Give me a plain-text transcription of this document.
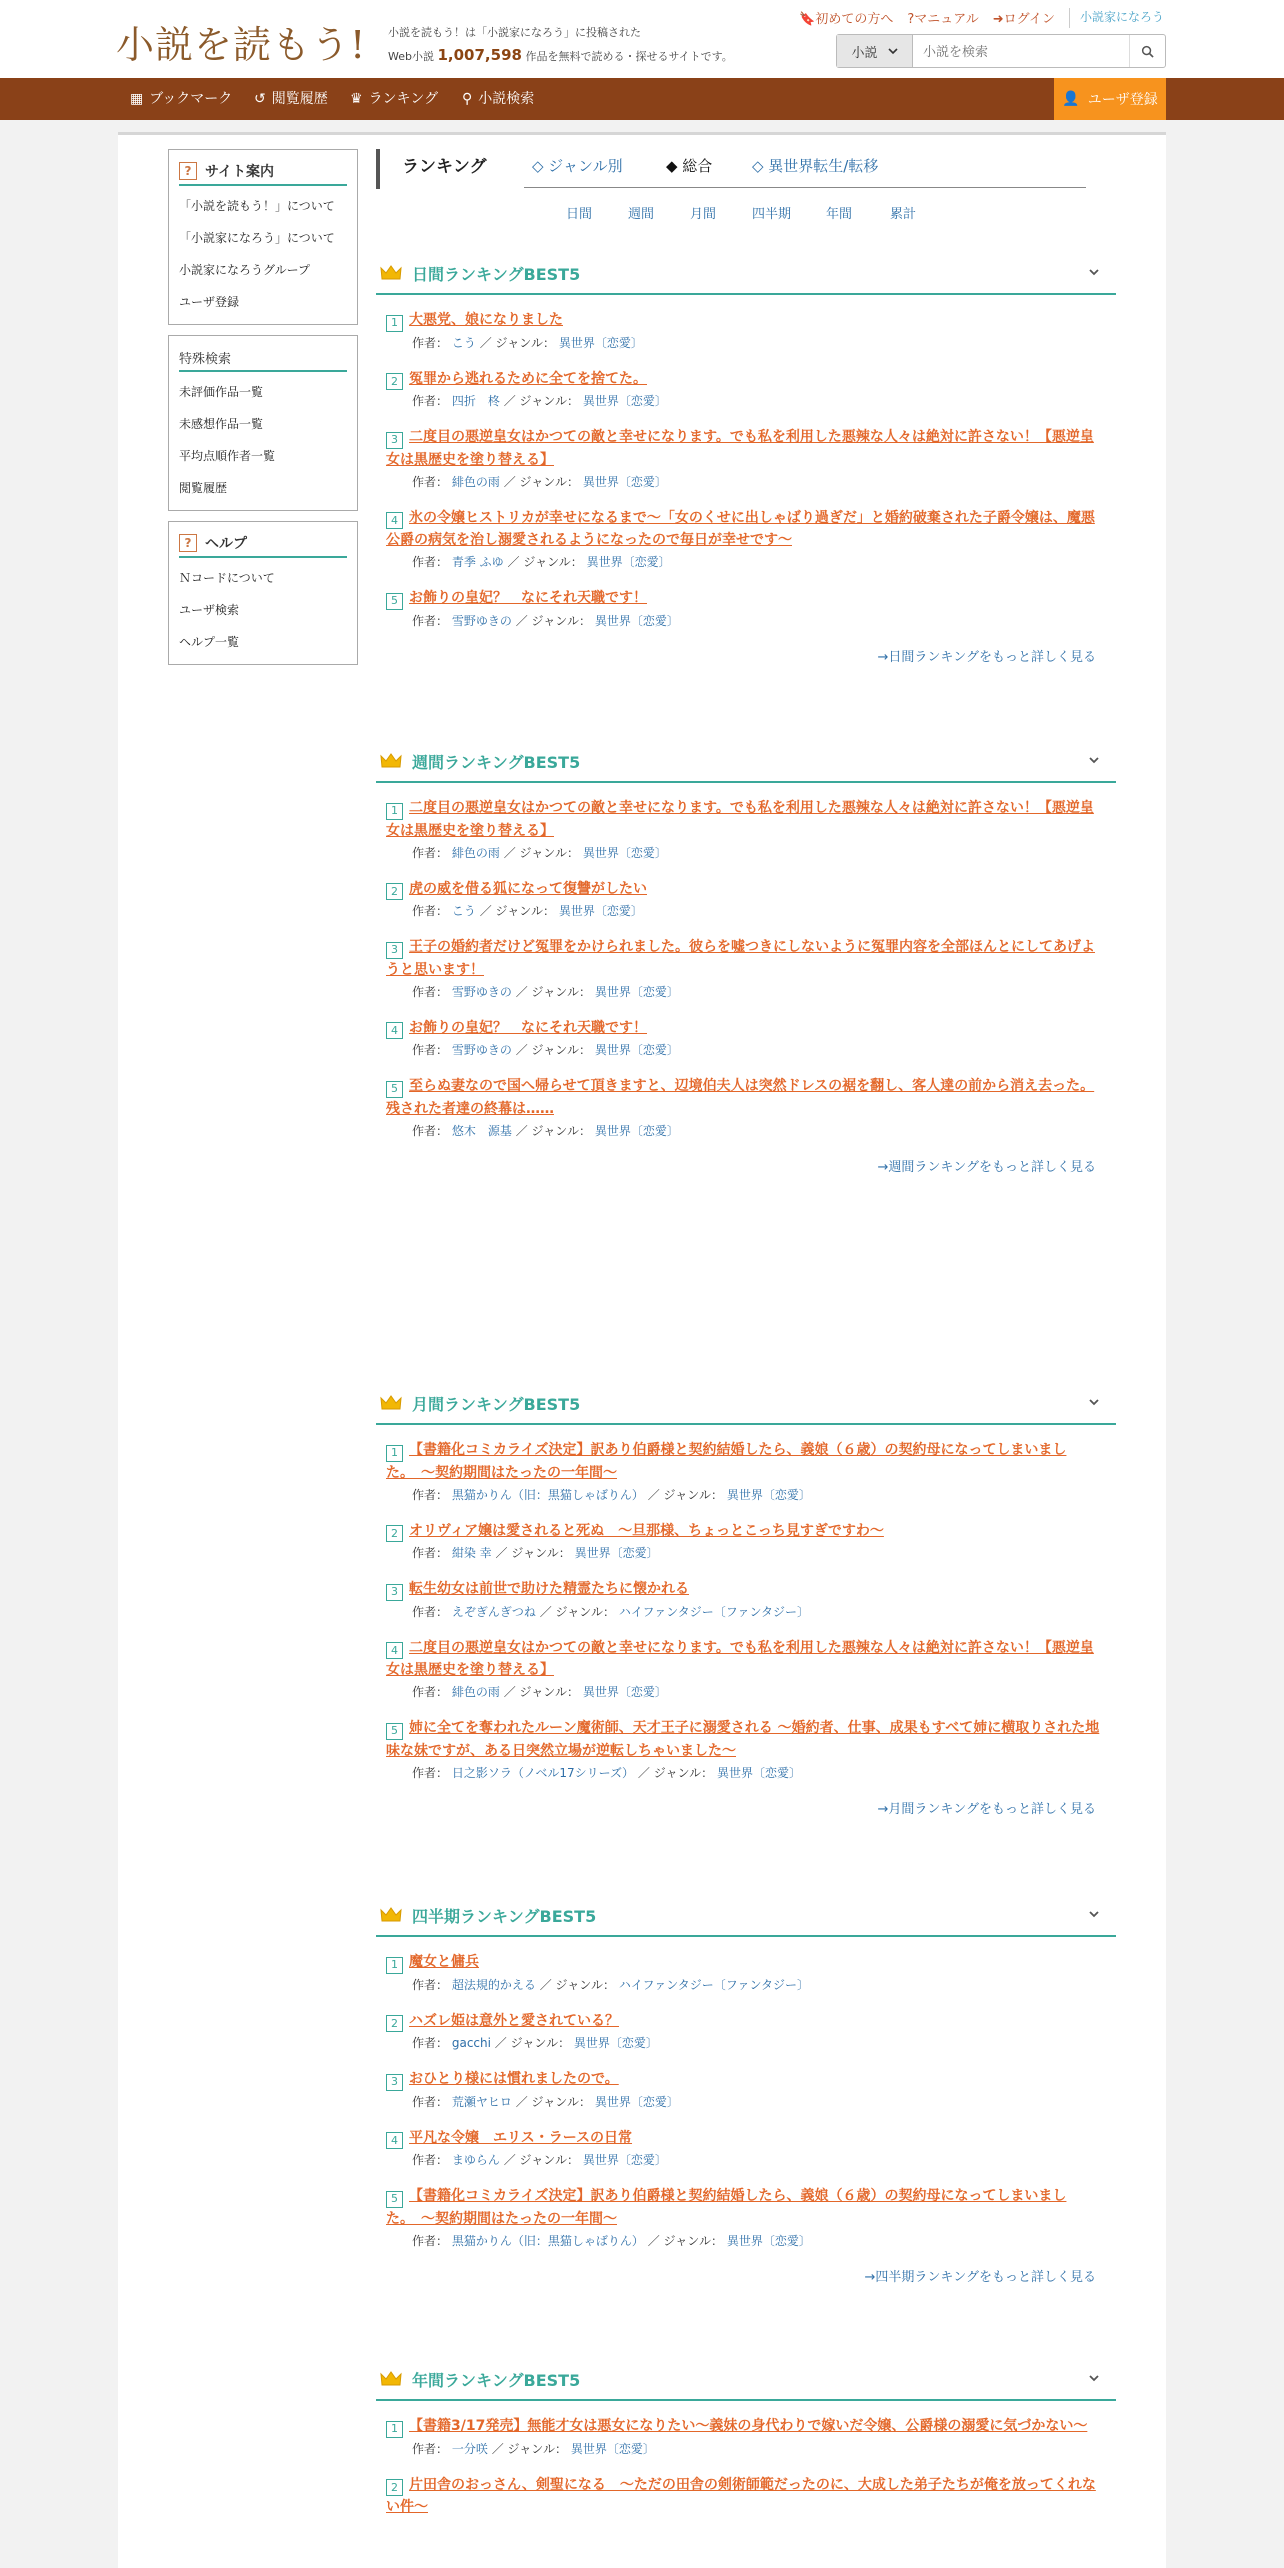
小説を読もう!	小説を読もう！は「小説家になろう」に投稿された
Web小説 1,007,598 作品を無料で読める・探せるサイトです。
🔖初めての方へ ?マニュアル ➜ログイン	小説家になろう
小説
小説を検索
▦ ブックマーク ↺ 閲覧履歴 ♛ ランキング ⚲ 小説検索	👤 ユーザ登録
? サイト案内
「小説を読もう！」について
「小説家になろう」について
小説家になろうグループ
ユーザ登録
特殊検索
未評価作品一覧
未感想作品一覧
平均点順作者一覧
閲覧履歴
? ヘルプ
Ｎコードについて
ユーザ検索
ヘルプ一覧
ランキング	◇ ジャンル別	◆ 総合	◇ 異世界転生/転移
日間	週間	月間	四半期	年間	累計
日間ランキングBEST5
1 大悪党、娘になりました
作者： こう ／ ジャンル： 異世界〔恋愛〕
2 冤罪から逃れるために全てを捨てた。
作者： 四折　柊 ／ ジャンル： 異世界〔恋愛〕
3 二度目の悪逆皇女はかつての敵と幸せになります。でも私を利用した悪辣な人々は絶対に許さない！【悪逆皇女は黒歴史を塗り替える】
作者： 緋色の雨 ／ ジャンル： 異世界〔恋愛〕
4 氷の令嬢ヒストリカが幸せになるまで〜「女のくせに出しゃばり過ぎだ」と婚約破棄された子爵令嬢は、魔悪公爵の病気を治し溺愛されるようになったので毎日が幸せです〜
作者： 青季 ふゆ ／ ジャンル： 異世界〔恋愛〕
5 お飾りの皇妃？　なにそれ天職です！
作者： 雪野ゆきの ／ ジャンル： 異世界〔恋愛〕
→日間ランキングをもっと詳しく見る
週間ランキングBEST5
1 二度目の悪逆皇女はかつての敵と幸せになります。でも私を利用した悪辣な人々は絶対に許さない！【悪逆皇女は黒歴史を塗り替える】
作者： 緋色の雨 ／ ジャンル： 異世界〔恋愛〕
2 虎の威を借る狐になって復讐がしたい
作者： こう ／ ジャンル： 異世界〔恋愛〕
3 王子の婚約者だけど冤罪をかけられました。彼らを嘘つきにしないように冤罪内容を全部ほんとにしてあげようと思います！
作者： 雪野ゆきの ／ ジャンル： 異世界〔恋愛〕
4 お飾りの皇妃？　なにそれ天職です！
作者： 雪野ゆきの ／ ジャンル： 異世界〔恋愛〕
5 至らぬ妻なので国へ帰らせて頂きますと、辺境伯夫人は突然ドレスの裾を翻し、客人達の前から消え去った。残された者達の終幕は……
作者： 悠木　源基 ／ ジャンル： 異世界〔恋愛〕
→週間ランキングをもっと詳しく見る
月間ランキングBEST5
1 【書籍化コミカライズ決定】訳あり伯爵様と契約結婚したら、義娘（６歳）の契約母になってしまいました。　〜契約期間はたったの一年間〜
作者： 黒猫かりん（旧：黒猫しゃばりん） ／ ジャンル： 異世界〔恋愛〕
2 オリヴィア嬢は愛されると死ぬ　～旦那様、ちょっとこっち見すぎですわ～
作者： 紺染 幸 ／ ジャンル： 異世界〔恋愛〕
3 転生幼女は前世で助けた精霊たちに懐かれる
作者： えぞぎんぎつね ／ ジャンル： ハイファンタジー〔ファンタジー〕
4 二度目の悪逆皇女はかつての敵と幸せになります。でも私を利用した悪辣な人々は絶対に許さない！【悪逆皇女は黒歴史を塗り替える】
作者： 緋色の雨 ／ ジャンル： 異世界〔恋愛〕
5 姉に全てを奪われたルーン魔術師、天才王子に溺愛される ～婚約者、仕事、成果もすべて姉に横取りされた地味な妹ですが、ある日突然立場が逆転しちゃいました～
作者： 日之影ソラ（ノベル17シリーズ） ／ ジャンル： 異世界〔恋愛〕
→月間ランキングをもっと詳しく見る
四半期ランキングBEST5
1 魔女と傭兵
作者： 超法規的かえる ／ ジャンル： ハイファンタジー〔ファンタジー〕
2 ハズレ姫は意外と愛されている？
作者： gacchi ／ ジャンル： 異世界〔恋愛〕
3 おひとり様には慣れましたので。
作者： 荒瀬ヤヒロ ／ ジャンル： 異世界〔恋愛〕
4 平凡な令嬢　エリス・ラースの日常
作者： まゆらん ／ ジャンル： 異世界〔恋愛〕
5 【書籍化コミカライズ決定】訳あり伯爵様と契約結婚したら、義娘（６歳）の契約母になってしまいました。　〜契約期間はたったの一年間〜
作者： 黒猫かりん（旧：黒猫しゃばりん） ／ ジャンル： 異世界〔恋愛〕
→四半期ランキングをもっと詳しく見る
年間ランキングBEST5
1 【書籍3/17発売】無能才女は悪女になりたい～義妹の身代わりで嫁いだ令嬢、公爵様の溺愛に気づかない～
作者： 一分咲 ／ ジャンル： 異世界〔恋愛〕
2 片田舎のおっさん、剣聖になる　～ただの田舎の剣術師範だったのに、大成した弟子たちが俺を放ってくれない件～
